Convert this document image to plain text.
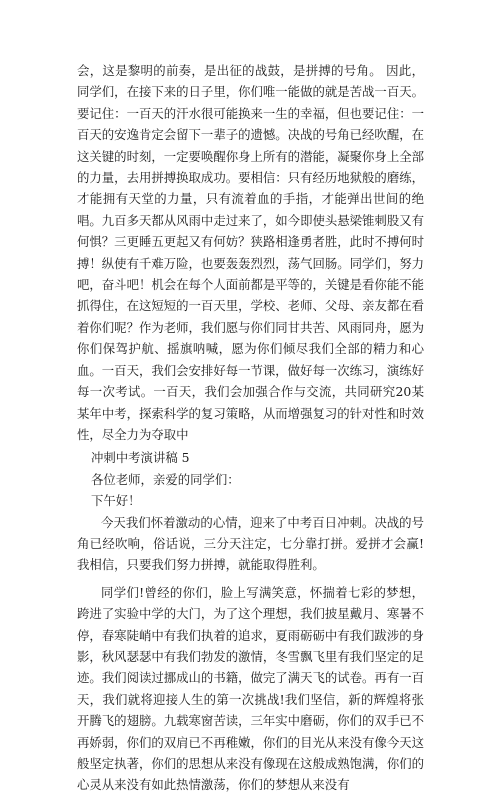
会，这是黎明的前奏，是出征的战鼓，是拼搏的号角。 因此，同学们，在接下来的日子里，你们唯一能做的就是苦战一百天。要记住：一百天的汗水很可能换来一生的幸福，但也要记住：一百天的安逸肯定会留下一辈子的遗憾。决战的号角已经吹醒，在这关键的时刻，一定要唤醒你身上所有的潜能，凝聚你身上全部的力量，去用拼搏换取成功。要相信：只有经历地狱般的磨练，才能拥有天堂的力量，只有流着血的手指，才能弹出世间的绝唱。九百多天都从风雨中走过来了，如今即使头悬梁锥刺股又有何惧？三更睡五更起又有何妨？狭路相逢勇者胜，此时不搏何时搏！纵使有千难万险，也要轰轰烈烈，荡气回肠。同学们，努力吧，奋斗吧！机会在每个人面前都是平等的，关键是看你能不能抓得住，在这短短的一百天里，学校、老师、父母、亲友都在看着你们呢？作为老师，我们愿与你们同甘共苦、风雨同舟，愿为你们保驾护航、摇旗呐喊，愿为你们倾尽我们全部的精力和心血。一百天，我们会安排好每一节课，做好每一次练习，演练好每一次考试。一百天，我们会加强合作与交流，共同研究20某某年中考，探索科学的复习策略，从而增强复习的针对性和时效性，尽全力为夺取中

冲刺中考演讲稿 5

各位老师，亲爱的同学们：

下午好！

今天我们怀着激动的心情，迎来了中考百日冲刺。决战的号角已经吹响，俗话说，三分天注定，七分靠打拼。爱拼才会赢!我相信，只要我们努力拼搏，就能取得胜利。

同学们!曾经的你们，脸上写满笑意，怀揣着七彩的梦想，跨进了实验中学的大门，为了这个理想，我们披星戴月、寒暑不停，春寒陡峭中有我们执着的追求，夏雨砺砺中有我们跋涉的身影，秋风瑟瑟中有我们勃发的激情，冬雪飘飞里有我们坚定的足迹。我们阅读过挪成山的书籍，做完了满天飞的试卷。再有一百天，我们就将迎接人生的第一次挑战!我们坚信，新的辉煌将张开腾飞的翅膀。九载寒窗苦读，三年实中磨砺，你们的双手已不再娇弱，你们的双肩已不再稚嫩，你们的目光从来没有像今天这般坚定执著，你们的思想从来没有像现在这般成熟饱满，你们的心灵从来没有如此热情激荡，你们的梦想从来没有
